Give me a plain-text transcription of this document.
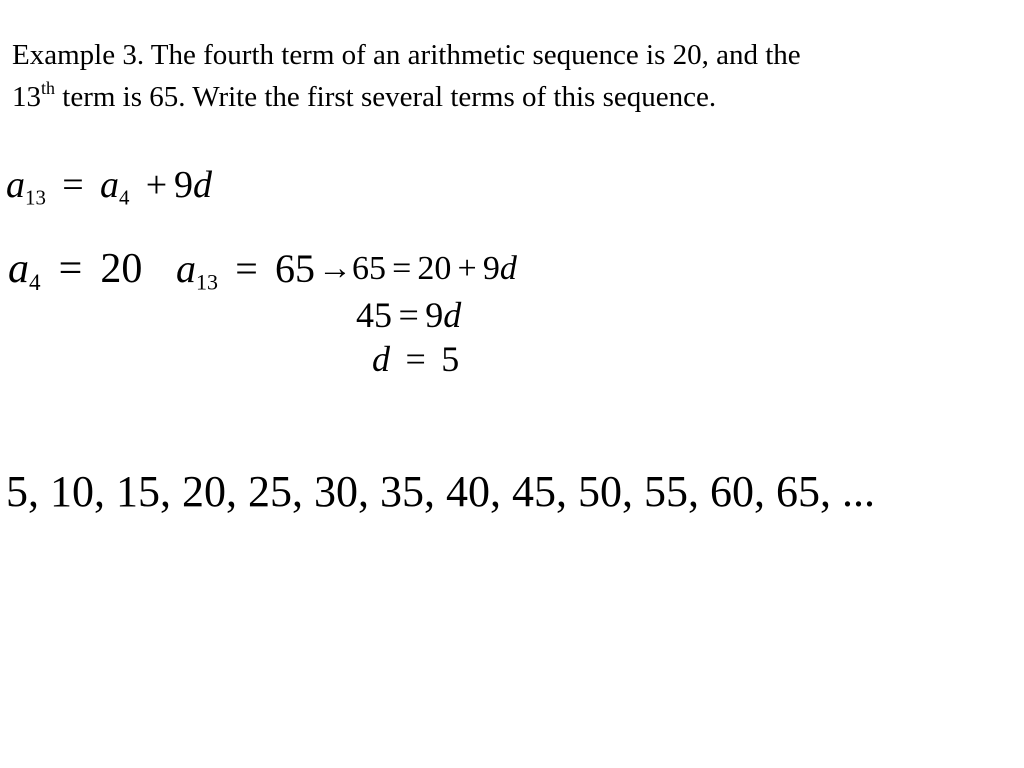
Example 3. The fourth term of an arithmetic sequence is 20, and the
13th term is 65. Write the first several terms of this sequence.
$a_{13} = a_4 + 9d$
$a_4 = 20$ $a_{13} = 65 \to 65 = 20 + 9d$
45 = 9d
d = 5
5, 10, 15, 20, 25, 30, 35, 40, 45, 50, 55, 60, 65, ...
